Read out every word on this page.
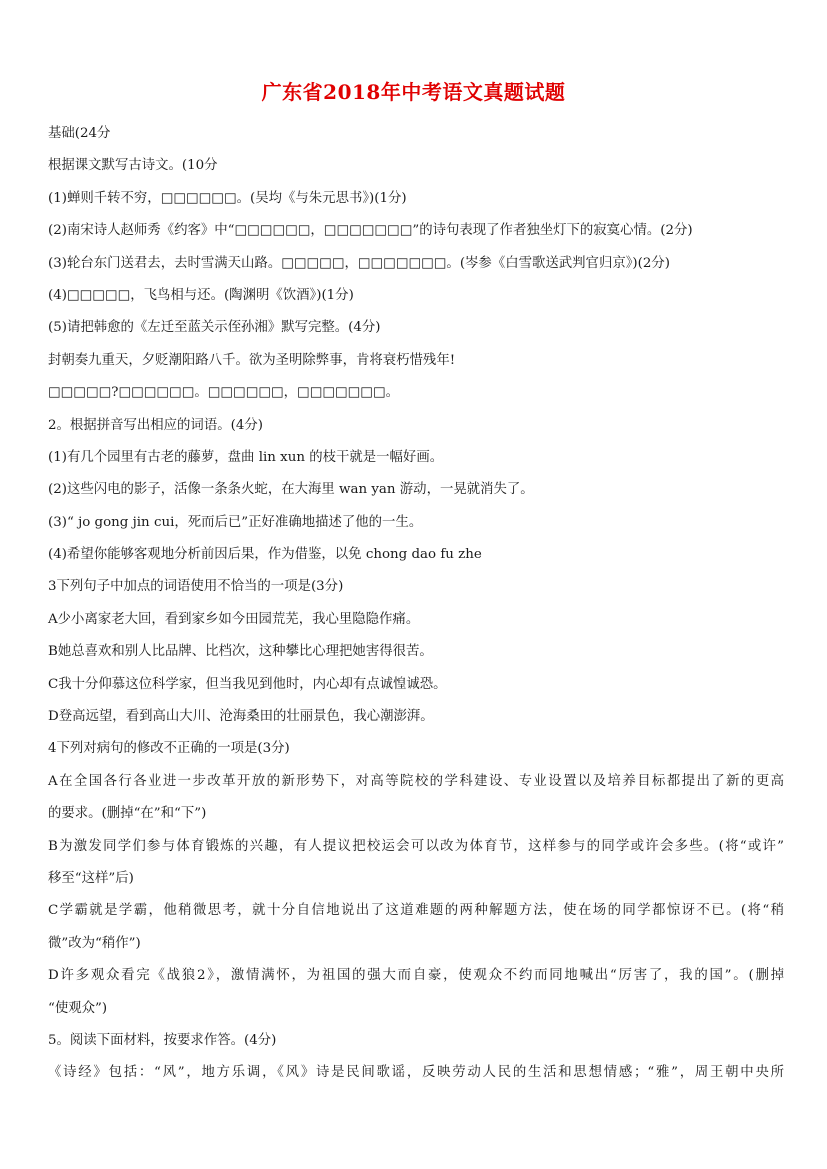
广东省2018年中考语文真题试题
基础(24分
根据课文默写古诗文。(10分
(1)蝉则千转不穷，□□□□□□。(吴均《与朱元思书》)(1分)
(2)南宋诗人赵师秀《约客》中“□□□□□□，□□□□□□□”的诗句表现了作者独坐灯下的寂寞心情。(2分)
(3)轮台东门送君去，去时雪满天山路。□□□□□，□□□□□□□。(岑参《白雪歌送武判官归京》)(2分)
(4)□□□□□，飞鸟相与还。(陶渊明《饮酒》)(1分)
(5)请把韩愈的《左迁至蓝关示侄孙湘》默写完整。(4分)
封朝奏九重天，夕贬潮阳路八千。欲为圣明除弊事，肯将衰朽惜残年!
□□□□□?□□□□□□。□□□□□□，□□□□□□□。
2。根据拼音写出相应的词语。(4分)
(1)有几个园里有古老的藤萝，盘曲 lin xun 的枝干就是一幅好画。
(2)这些闪电的影子，活像一条条火蛇，在大海里 wan yan 游动，一晃就消失了。
(3)“ jo gong jin cui，死而后已”正好准确地描述了他的一生。
(4)希望你能够客观地分析前因后果，作为借鉴，以免 chong dao fu zhe
3下列句子中加点的词语使用不恰当的一项是(3分)
A少小离家老大回，看到家乡如今田园荒芜，我心里隐隐作痛。
B她总喜欢和别人比品牌、比档次，这种攀比心理把她害得很苦。
C我十分仰慕这位科学家，但当我见到他时，内心却有点诚惶诚恐。
D登高远望，看到高山大川、沧海桑田的壮丽景色，我心潮澎湃。
4下列对病句的修改不正确的一项是(3分)
A在全国各行各业进一步改革开放的新形势下，对高等院校的学科建设、专业设置以及培养目标都提出了新的更高
的要求。(删掉“在”和“下”)
B为激发同学们参与体育锻炼的兴趣，有人提议把校运会可以改为体育节，这样参与的同学或许会多些。(将“或许”
移至“这样”后)
C学霸就是学霸，他稍微思考，就十分自信地说出了这道难题的两种解题方法，使在场的同学都惊讶不已。(将“稍
微”改为“稍作”)
D许多观众看完《战狼2》，激情满怀，为祖国的强大而自豪，使观众不约而同地喊出“厉害了，我的国”。(删掉
“使观众”)
5。阅读下面材料，按要求作答。(4分)
《诗经》包括：“风”，地方乐调，《风》诗是民间歌谣，反映劳动人民的生活和思想情感；“雅”，周王朝中央所
